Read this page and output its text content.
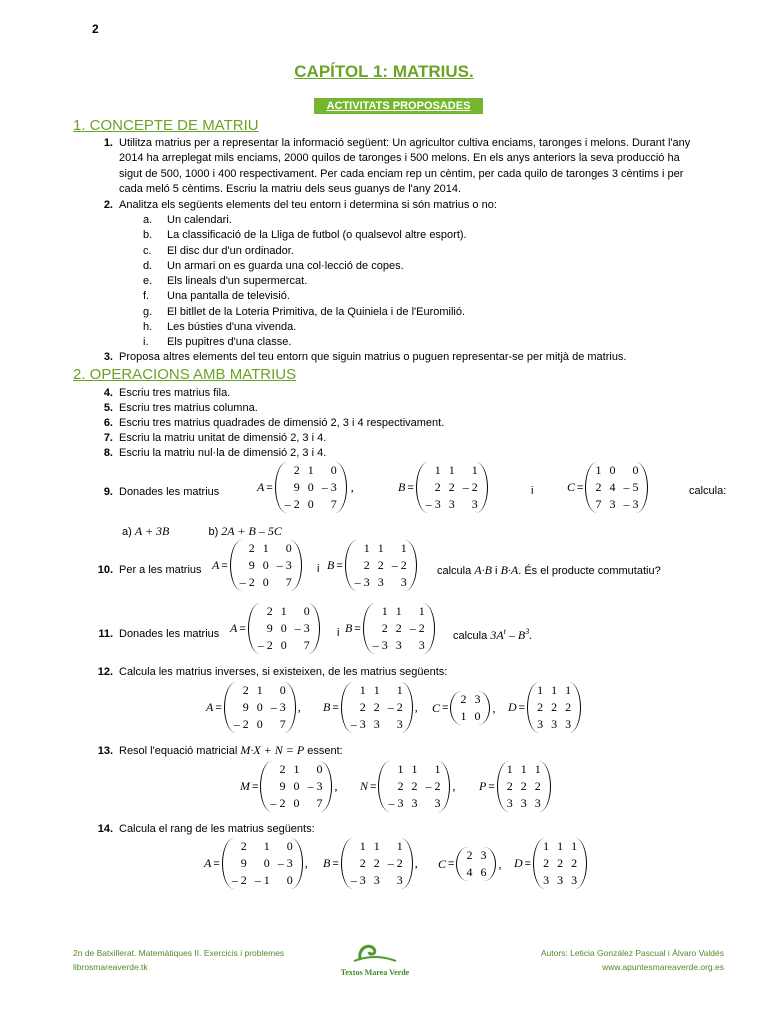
2
CAPÍTOL 1: MATRIUS.
ACTIVITATS PROPOSADES
1. CONCEPTE DE MATRIU
1. Utilitza matrius per a representar la informació següent: Un agricultor cultiva enciams, taronges i melons. Durant l'any
2014 ha arreplegat mils enciams, 2000 quilos de taronges i 500 melons. En els anys anteriors la seva producció ha
sigut de 500, 1000 i 400 respectivament. Per cada enciam rep un cèntim, per cada quilo de taronges 3 cèntims i per
cada meló 5 cèntims. Escriu la matriu dels seus guanys de l'any 2014.
2. Analitza els següents elements del teu entorn i determina si són matrius o no:
a. Un calendari.
b. La classificació de la Lliga de futbol (o qualsevol altre esport).
c. El disc dur d'un ordinador.
d. Un armari on es guarda una col·lecció de copes.
e. Els lineals d'un supermercat.
f. Una pantalla de televisió.
g. El bitllet de la Loteria Primitiva, de la Quiniela i de l'Euromilió.
h. Les bústies d'una vivenda.
i. Els pupitres d'una classe.
3. Proposa altres elements del teu entorn que siguin matrius o puguen representar-se per mitjà de matrius.
2. OPERACIONS AMB MATRIUS
4. Escriu tres matrius fila.
5. Escriu tres matrius columna.
6. Escriu tres matrius quadrades de dimensió 2, 3 i 4 respectivament.
7. Escriu la matriu unitat de dimensió 2, 3 i 4.
8. Escriu la matriu nul·la de dimensió 2, 3 i 4.
9. Donades les matrius	A =
2 1	0
9 0 – 3
– 2 0	7
,	B =
1 1	1
2 2 – 2
– 3 3	3
i	C =
1 0	0
2 4 – 5
7 3 – 3
calcula:
a) A + 3B	b) 2A + B – 5C
10. Per a les matrius A =
2 1	0
9 0 – 3
– 2 0	7
i B =
1 1	1
2 2 – 2
– 3 3	3
calcula A·B i B·A. És el producte commutatiu?
11. Donades les matrius A =
2 1	0
9 0 – 3
– 2 0	7
i B =
1 1	1
2 2 – 2
– 3 3	3
calcula $3A^t - B^3$.
12. Calcula les matrius inverses, si existeixen, de les matrius següents:
A =
2 1	0
9 0 – 3
– 2 0	7
, B =
1 1	1
2 2 – 2
– 3 3	3
, C =
2 3
1 0
, D =
1 1 1
2 2 2
3 3 3
13. Resol l'equació matricial M·X + N = P essent:
M =
2 1	0
9 0 – 3
– 2 0	7
, N =
1 1	1
2 2 – 2
– 3 3	3
, P =
1 1 1
2 2 2
3 3 3
14. Calcula el rang de les matrius següents:
A =
2	1	0
9	0 – 3
– 2 – 1	0
, B =
1 1	1
2 2 – 2
– 3 3	3
, C =
2 3
4 6
, D =
1 1 1
2 2 2
3 3 3
2n de Batxillerat. Matemàtiques II. Exercicis i problemes
librosmareaverde.tk
Autors: Leticia González Pascual i Álvaro Valdés
www.apuntesmareaverde.org.es
Textos Marea Verde
